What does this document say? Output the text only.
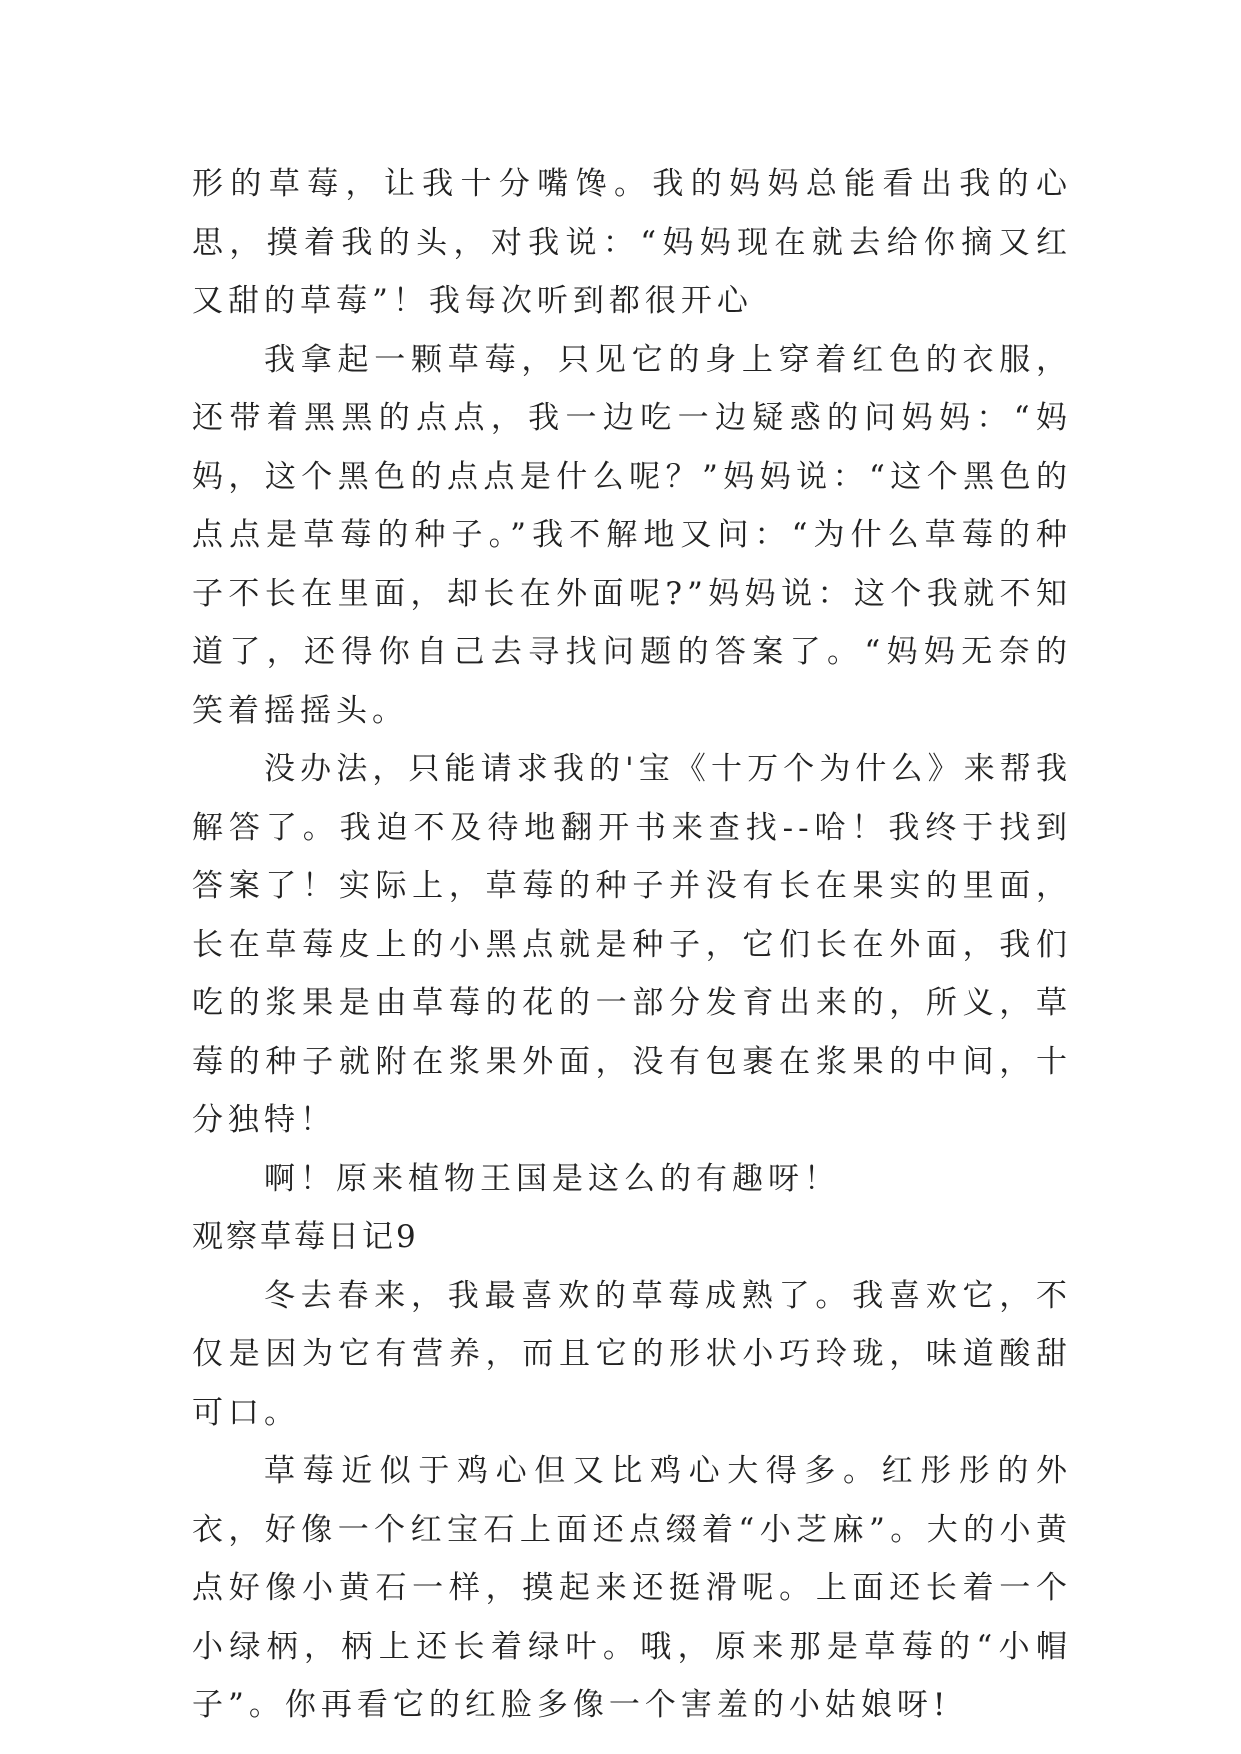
形的草莓，让我十分嘴馋。我的妈妈总能看出我的心思，摸着我的头，对我说：“妈妈现在就去给你摘又红又甜的草莓”！我每次听到都很开心

我拿起一颗草莓，只见它的身上穿着红色的衣服，还带着黑黑的点点，我一边吃一边疑惑的问妈妈：“妈妈，这个黑色的点点是什么呢？”妈妈说：“这个黑色的点点是草莓的种子。”我不解地又问：“为什么草莓的种子不长在里面，却长在外面呢?”妈妈说：这个我就不知道了，还得你自己去寻找问题的答案了。“妈妈无奈的笑着摇摇头。

没办法，只能请求我的'宝《十万个为什么》来帮我解答了。我迫不及待地翻开书来查找--哈！我终于找到答案了！实际上，草莓的种子并没有长在果实的里面，长在草莓皮上的小黑点就是种子，它们长在外面，我们吃的浆果是由草莓的花的一部分发育出来的，所义，草莓的种子就附在浆果外面，没有包裹在浆果的中间，十分独特！

啊！原来植物王国是这么的有趣呀！

观察草莓日记9

冬去春来，我最喜欢的草莓成熟了。我喜欢它，不仅是因为它有营养，而且它的形状小巧玲珑，味道酸甜可口。

草莓近似于鸡心但又比鸡心大得多。红彤彤的外衣，好像一个红宝石上面还点缀着“小芝麻”。大的小黄点好像小黄石一样，摸起来还挺滑呢。上面还长着一个小绿柄，柄上还长着绿叶。哦，原来那是草莓的“小帽子”。你再看它的红脸多像一个害羞的小姑娘呀!
